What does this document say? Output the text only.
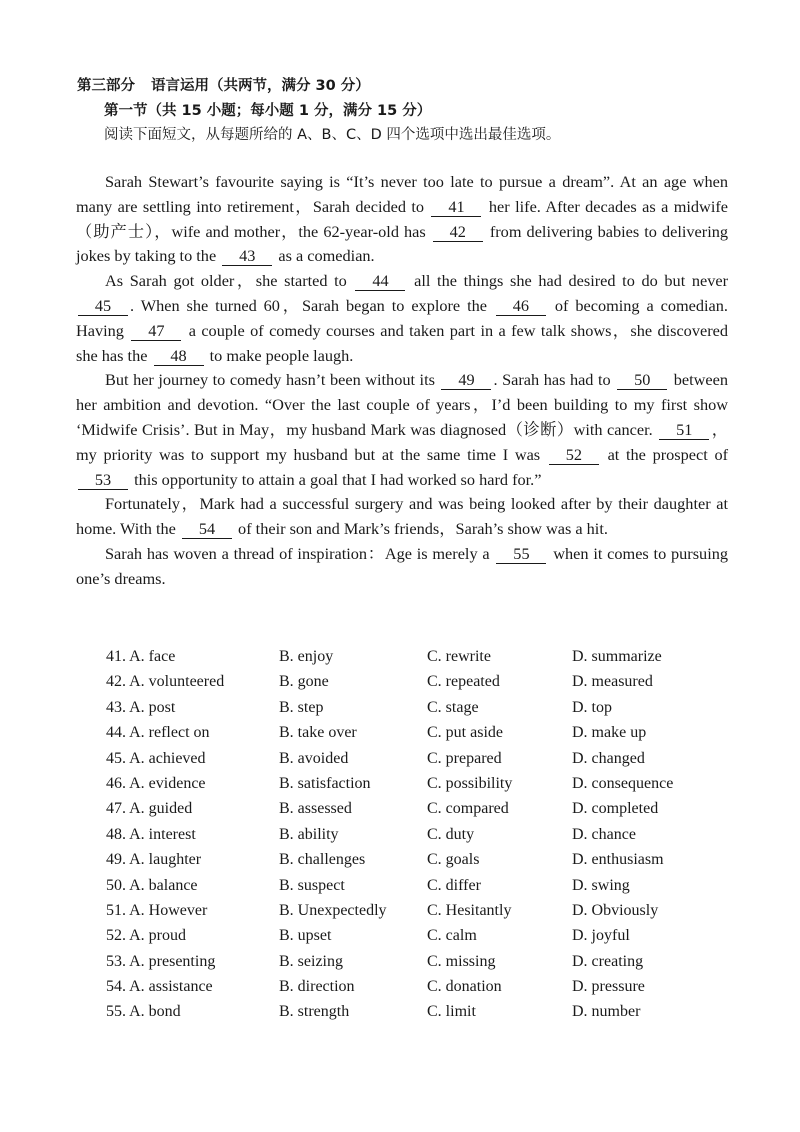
第三部分 语言运用（共两节，满分 30 分）
第一节（共 15 小题；每小题 1 分，满分 15 分）
阅读下面短文，从每题所给的 A、B、C、D 四个选项中选出最佳选项。

Sarah Stewart’s favourite saying is “It’s never too late to pursue a dream”. At an age when many are settling into retirement，Sarah decided to 41 her life. After decades as a midwife（助产士），wife and mother，the 62-year-old has 42 from delivering babies to delivering jokes by taking to the 43 as a comedian.

As Sarah got older，she started to 44 all the things she had desired to do but never 45 . When she turned 60，Sarah began to explore the 46 of becoming a comedian. Having 47 a couple of comedy courses and taken part in a few talk shows，she discovered she has the 48 to make people laugh.

But her journey to comedy hasn’t been without its 49 . Sarah has had to 50 between her ambition and devotion. “Over the last couple of years，I’d been building to my first show ‘Midwife Crisis’. But in May，my husband Mark was diagnosed（诊断）with cancer. 51 ，my priority was to support my husband but at the same time I was 52 at the prospect of 53 this opportunity to attain a goal that I had worked so hard for.”

Fortunately，Mark had a successful surgery and was being looked after by their daughter at home. With the 54 of their son and Mark’s friends，Sarah’s show was a hit.

Sarah has woven a thread of inspiration：Age is merely a 55 when it comes to pursuing one’s dreams.

41. A. face	B. enjoy	C. rewrite	D. summarize
42. A. volunteered	B. gone	C. repeated	D. measured
43. A. post	B. step	C. stage	D. top
44. A. reflect on	B. take over	C. put aside	D. make up
45. A. achieved	B. avoided	C. prepared	D. changed
46. A. evidence	B. satisfaction	C. possibility	D. consequence
47. A. guided	B. assessed	C. compared	D. completed
48. A. interest	B. ability	C. duty	D. chance
49. A. laughter	B. challenges	C. goals	D. enthusiasm
50. A. balance	B. suspect	C. differ	D. swing
51. A. However	B. Unexpectedly	C. Hesitantly	D. Obviously
52. A. proud	B. upset	C. calm	D. joyful
53. A. presenting	B. seizing	C. missing	D. creating
54. A. assistance	B. direction	C. donation	D. pressure
55. A. bond	B. strength	C. limit	D. number
